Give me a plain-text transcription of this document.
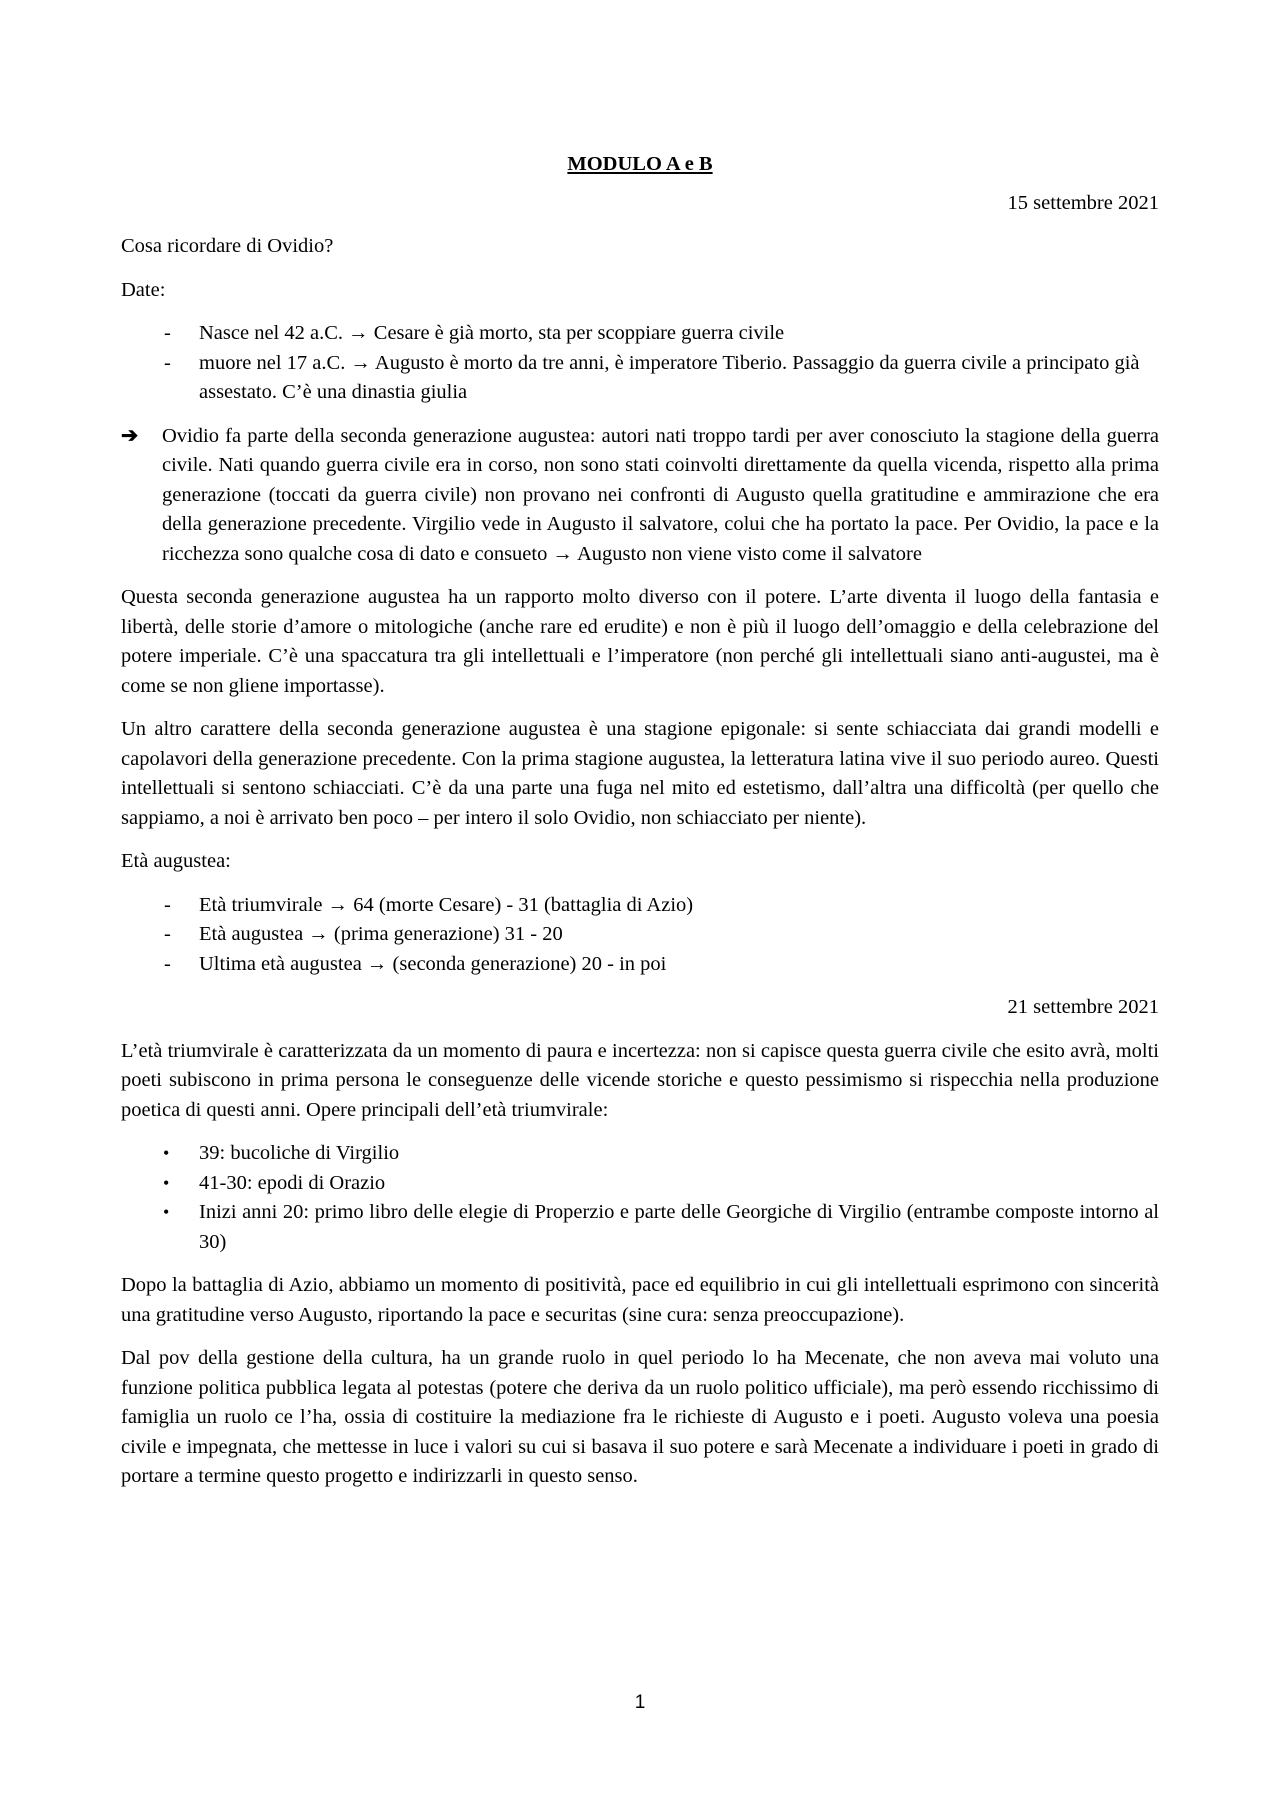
MODULO A e B
15 settembre 2021

Cosa ricordare di Ovidio?

Date:

- Nasce nel 42 a.C. → Cesare è già morto, sta per scoppiare guerra civile
- muore nel 17 a.C. → Augusto è morto da tre anni, è imperatore Tiberio. Passaggio da guerra civile a principato già assestato. C’è una dinastia giulia
➔ Ovidio fa parte della seconda generazione augustea: autori nati troppo tardi per aver conosciuto la stagione della guerra civile. Nati quando guerra civile era in corso, non sono stati coinvolti direttamente da quella vicenda, rispetto alla prima generazione (toccati da guerra civile) non provano nei confronti di Augusto quella gratitudine e ammirazione che era della generazione precedente. Virgilio vede in Augusto il salvatore, colui che ha portato la pace. Per Ovidio, la pace e la ricchezza sono qualche cosa di dato e consueto → Augusto non viene visto come il salvatore

Questa seconda generazione augustea ha un rapporto molto diverso con il potere. L’arte diventa il luogo della fantasia e libertà, delle storie d’amore o mitologiche (anche rare ed erudite) e non è più il luogo dell’omaggio e della celebrazione del potere imperiale. C’è una spaccatura tra gli intellettuali e l’imperatore (non perché gli intellettuali siano anti-augustei, ma è come se non gliene importasse).

Un altro carattere della seconda generazione augustea è una stagione epigonale: si sente schiacciata dai grandi modelli e capolavori della generazione precedente. Con la prima stagione augustea, la letteratura latina vive il suo periodo aureo. Questi intellettuali si sentono schiacciati. C’è da una parte una fuga nel mito ed estetismo, dall’altra una difficoltà (per quello che sappiamo, a noi è arrivato ben poco – per intero il solo Ovidio, non schiacciato per niente).

Età augustea:

- Età triumvirale → 64 (morte Cesare) - 31 (battaglia di Azio)
- Età augustea → (prima generazione) 31 - 20
- Ultima età augustea → (seconda generazione) 20 - in poi
21 settembre 2021

L’età triumvirale è caratterizzata da un momento di paura e incertezza: non si capisce questa guerra civile che esito avrà, molti poeti subiscono in prima persona le conseguenze delle vicende storiche e questo pessimismo si rispecchia nella produzione poetica di questi anni. Opere principali dell’età triumvirale:

• 39: bucoliche di Virgilio
• 41-30: epodi di Orazio
• Inizi anni 20: primo libro delle elegie di Properzio e parte delle Georgiche di Virgilio (entrambe composte intorno al 30)

Dopo la battaglia di Azio, abbiamo un momento di positività, pace ed equilibrio in cui gli intellettuali esprimono con sincerità una gratitudine verso Augusto, riportando la pace e securitas (sine cura: senza preoccupazione).

Dal pov della gestione della cultura, ha un grande ruolo in quel periodo lo ha Mecenate, che non aveva mai voluto una funzione politica pubblica legata al potestas (potere che deriva da un ruolo politico ufficiale), ma però essendo ricchissimo di famiglia un ruolo ce l’ha, ossia di costituire la mediazione fra le richieste di Augusto e i poeti. Augusto voleva una poesia civile e impegnata, che mettesse in luce i valori su cui si basava il suo potere e sarà Mecenate a individuare i poeti in grado di portare a termine questo progetto e indirizzarli in questo senso.

1
